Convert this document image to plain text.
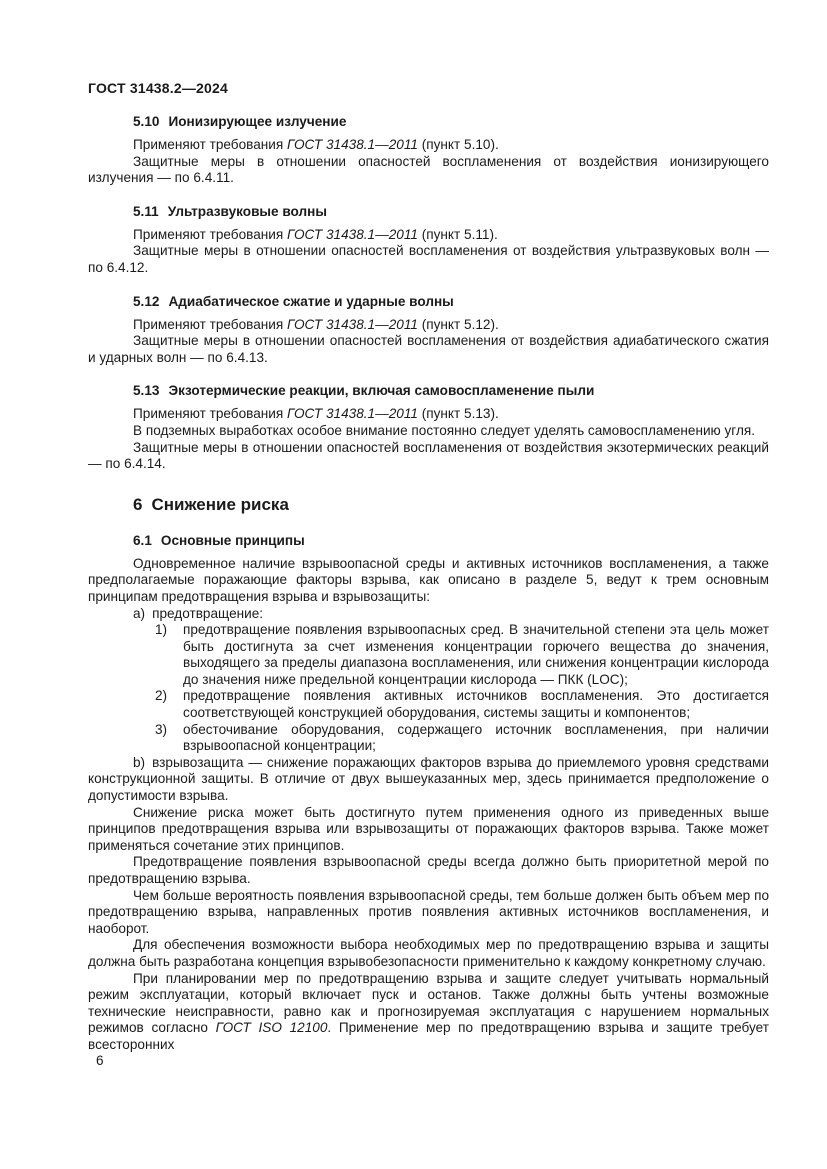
ГОСТ 31438.2—2024
5.10 Ионизирующее излучение

Применяют требования ГОСТ 31438.1—2011 (пункт 5.10).

Защитные меры в отношении опасностей воспламенения от воздействия ионизирующего излучения — по 6.4.11.

5.11 Ультразвуковые волны

Применяют требования ГОСТ 31438.1—2011 (пункт 5.11).

Защитные меры в отношении опасностей воспламенения от воздействия ультразвуковых волн — по 6.4.12.

5.12 Адиабатическое сжатие и ударные волны

Применяют требования ГОСТ 31438.1—2011 (пункт 5.12).

Защитные меры в отношении опасностей воспламенения от воздействия адиабатического сжатия и ударных волн — по 6.4.13.

5.13 Экзотермические реакции, включая самовоспламенение пыли

Применяют требования ГОСТ 31438.1—2011 (пункт 5.13).

В подземных выработках особое внимание постоянно следует уделять самовоспламенению угля.

Защитные меры в отношении опасностей воспламенения от воздействия экзотермических реакций — по 6.4.14.

6 Снижение риска
6.1 Основные принципы

Одновременное наличие взрывоопасной среды и активных источников воспламенения, а также предполагаемые поражающие факторы взрыва, как описано в разделе 5, ведут к трем основным принципам предотвращения взрыва и взрывозащиты:

a) предотвращение:

1) предотвращение появления взрывоопасных сред. В значительной степени эта цель может быть достигнута за счет изменения концентрации горючего вещества до значения, выходящего за пределы диапазона воспламенения, или снижения концентрации кислорода до значения ниже предельной концентрации кислорода — ПКК (LOC);
2) предотвращение появления активных источников воспламенения. Это достигается соответствующей конструкцией оборудования, системы защиты и компонентов;
3) обесточивание оборудования, содержащего источник воспламенения, при наличии взрывоопасной концентрации;

b) взрывозащита — снижение поражающих факторов взрыва до приемлемого уровня средствами конструкционной защиты. В отличие от двух вышеуказанных мер, здесь принимается предположение о допустимости взрыва.

Снижение риска может быть достигнуто путем применения одного из приведенных выше принципов предотвращения взрыва или взрывозащиты от поражающих факторов взрыва. Также может применяться сочетание этих принципов.

Предотвращение появления взрывоопасной среды всегда должно быть приоритетной мерой по предотвращению взрыва.

Чем больше вероятность появления взрывоопасной среды, тем больше должен быть объем мер по предотвращению взрыва, направленных против появления активных источников воспламенения, и наоборот.

Для обеспечения возможности выбора необходимых мер по предотвращению взрыва и защиты должна быть разработана концепция взрывобезопасности применительно к каждому конкретному случаю.

При планировании мер по предотвращению взрыва и защите следует учитывать нормальный режим эксплуатации, который включает пуск и останов. Также должны быть учтены возможные технические неисправности, равно как и прогнозируемая эксплуатация с нарушением нормальных режимов согласно ГОСТ ISO 12100. Применение мер по предотвращению взрыва и защите требует всесторонних

6
